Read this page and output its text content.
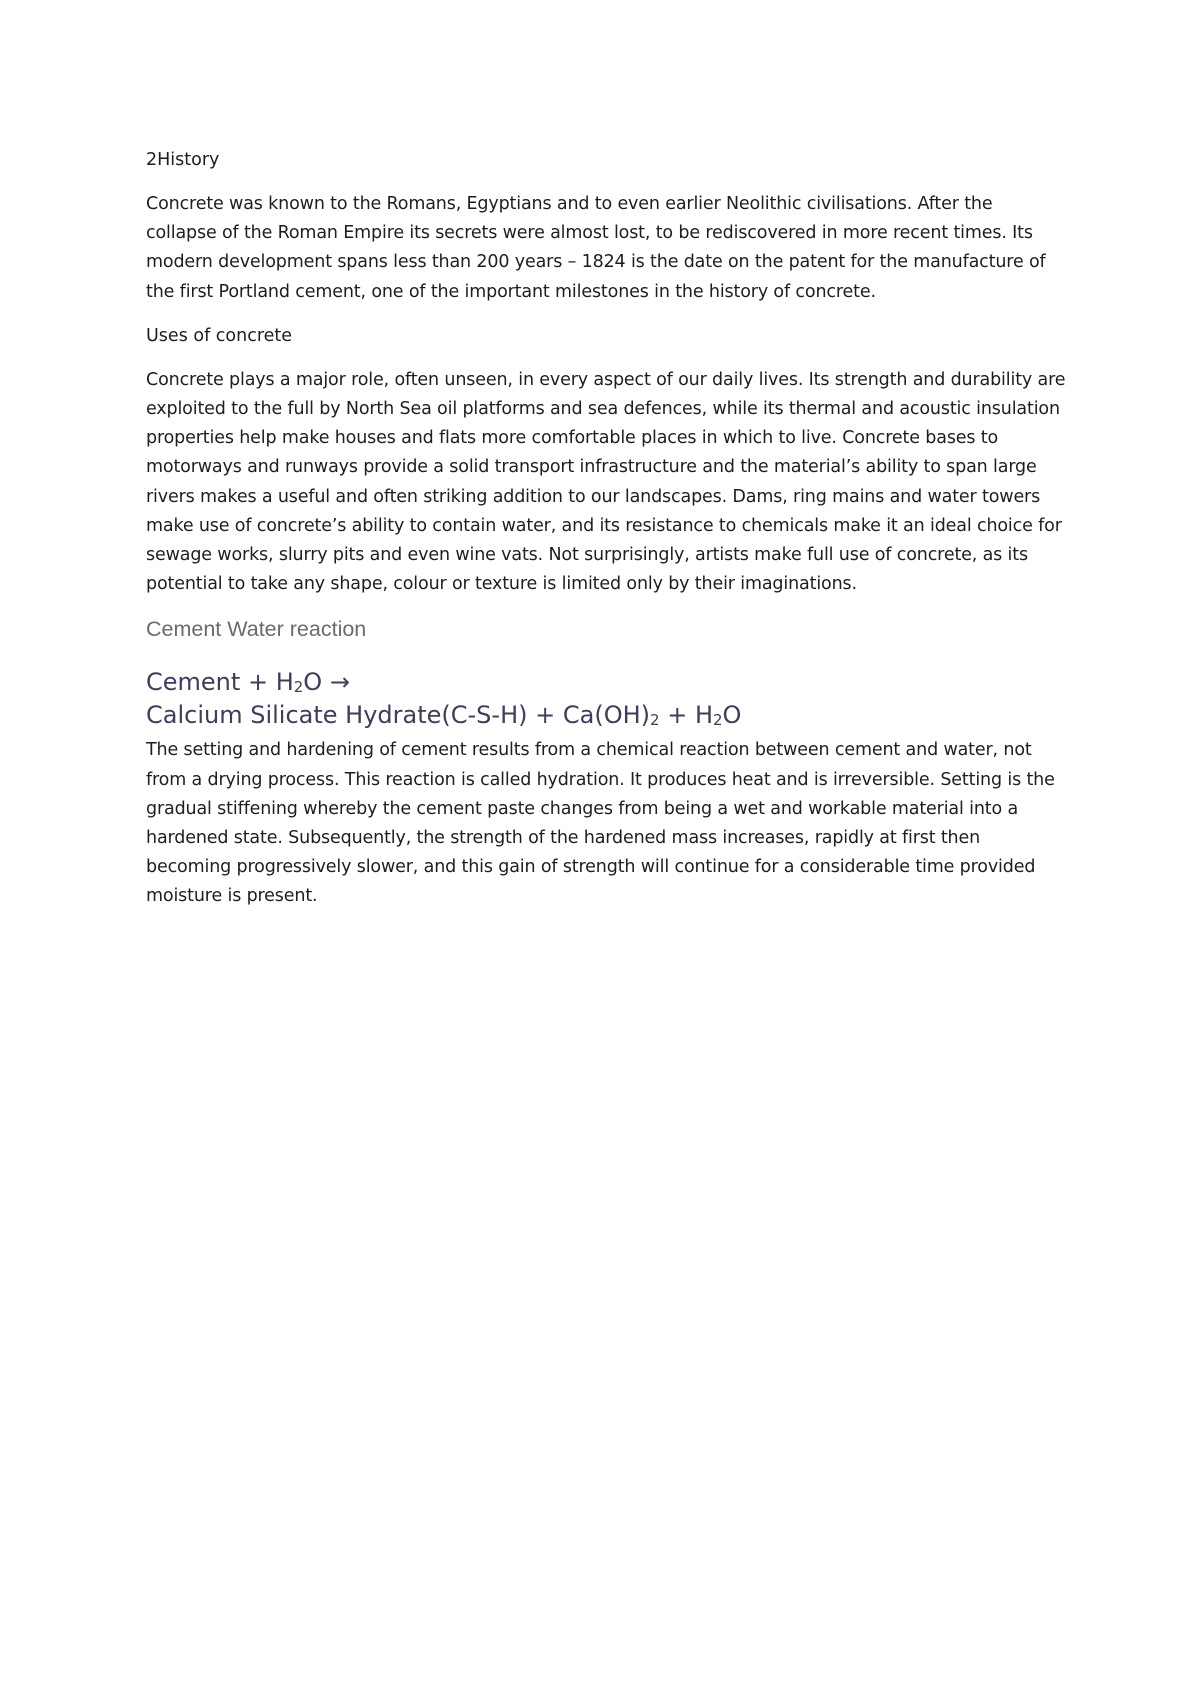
2History

Concrete was known to the Romans, Egyptians and to even earlier Neolithic civilisations. After the collapse of the Roman Empire its secrets were almost lost, to be rediscovered in more recent times. Its modern development spans less than 200 years – 1824 is the date on the patent for the manufacture of the first Portland cement, one of the important milestones in the history of concrete.

Uses of concrete

Concrete plays a major role, often unseen, in every aspect of our daily lives. Its strength and durability are exploited to the full by North Sea oil platforms and sea defences, while its thermal and acoustic insulation properties help make houses and flats more comfortable places in which to live. Concrete bases to motorways and runways provide a solid transport infrastructure and the material’s ability to span large rivers makes a useful and often striking addition to our landscapes. Dams, ring mains and water towers make use of concrete’s ability to contain water, and its resistance to chemicals make it an ideal choice for sewage works, slurry pits and even wine vats. Not surprisingly, artists make full use of concrete, as its potential to take any shape, colour or texture is limited only by their imaginations.

Cement Water reaction

Cement + $H_2O$ →
Calcium Silicate Hydrate(C-S-H) + $Ca(OH)_2 + H_2O$

The setting and hardening of cement results from a chemical reaction between cement and water, not from a drying process. This reaction is called hydration. It produces heat and is irreversible. Setting is the gradual stiffening whereby the cement paste changes from being a wet and workable material into a hardened state. Subsequently, the strength of the hardened mass increases, rapidly at first then becoming progressively slower, and this gain of strength will continue for a considerable time provided moisture is present.
